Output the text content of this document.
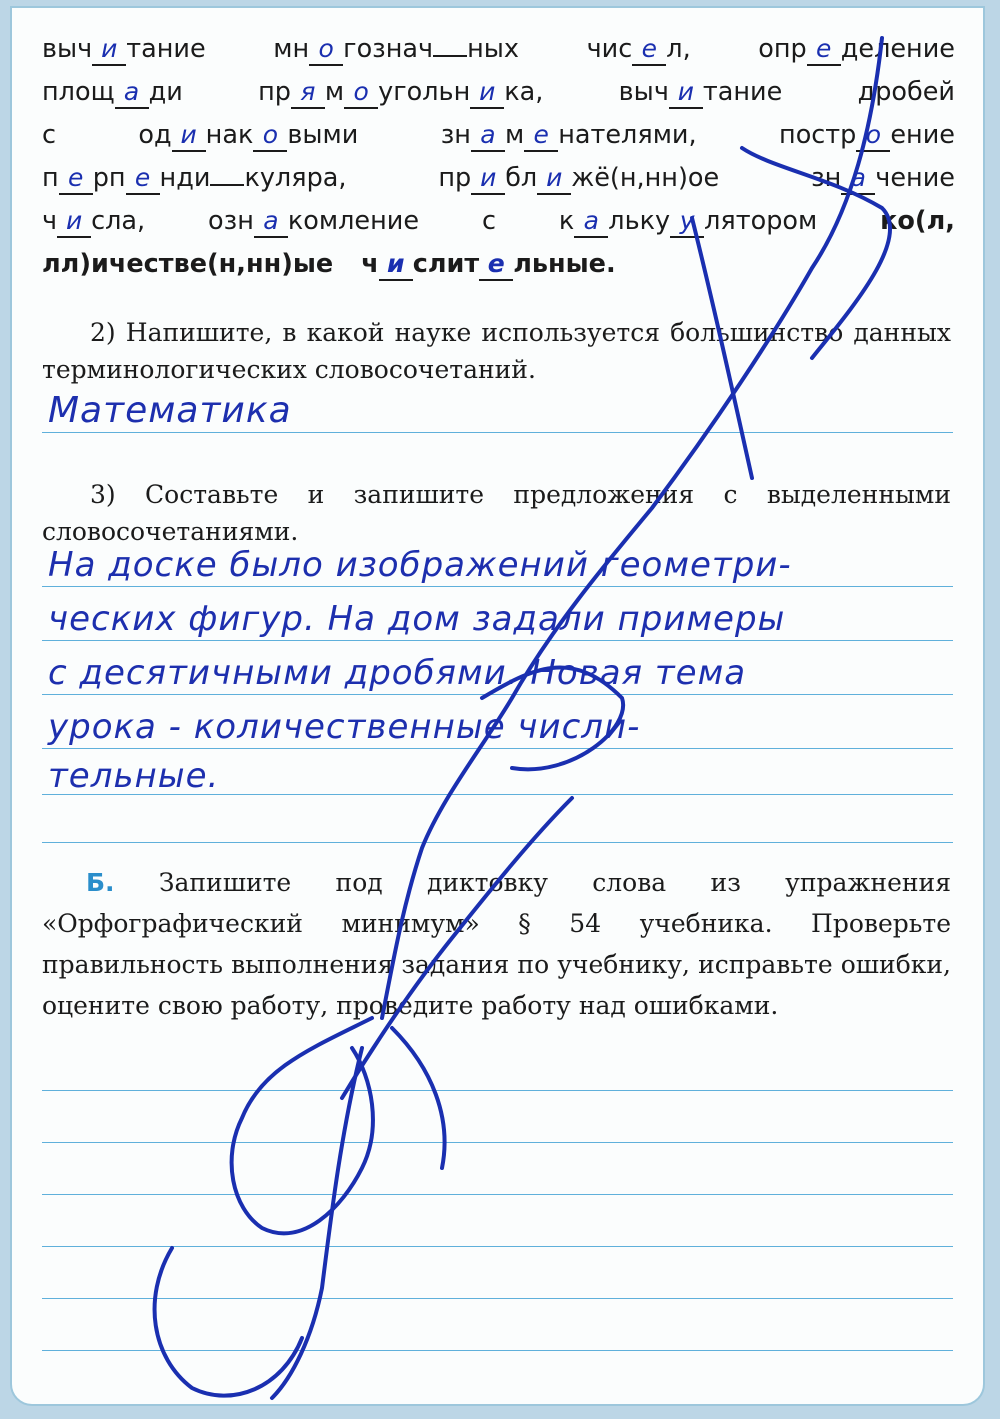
выч и тание	мн о гознач ных	чис е л,	опр е деление
площ а ди	пр я м о угольн и ка,	выч и тание	дробей
с	од и нак о выми	зн а м е нателями,	постр о ение
п е рп е нди куляра,	пр и бл и жё(н,нн)ое	зн а чение
ч и сла, озн а комление с к а льку у лятором ко(л,
лл)ичестве(н,нн)ые ч и слит е льные.
2) Напишите, в какой науке используется большинство данных терминологических словосочетаний.
Математика
3) Составьте и запишите предложения с выделенными словосочетаниями.
На доске было изображений геометри-
ческих фигур. На дом задали примеры
с десятичными дробями. Новая тема
урока - количественные числи-
тельные.
Б. Запишите под диктовку слова из упражнения «Орфографический минимум» § 54 учебника. Проверьте правильность выполнения задания по учебнику, исправьте ошибки, оцените свою работу, проведите работу над ошибками.
